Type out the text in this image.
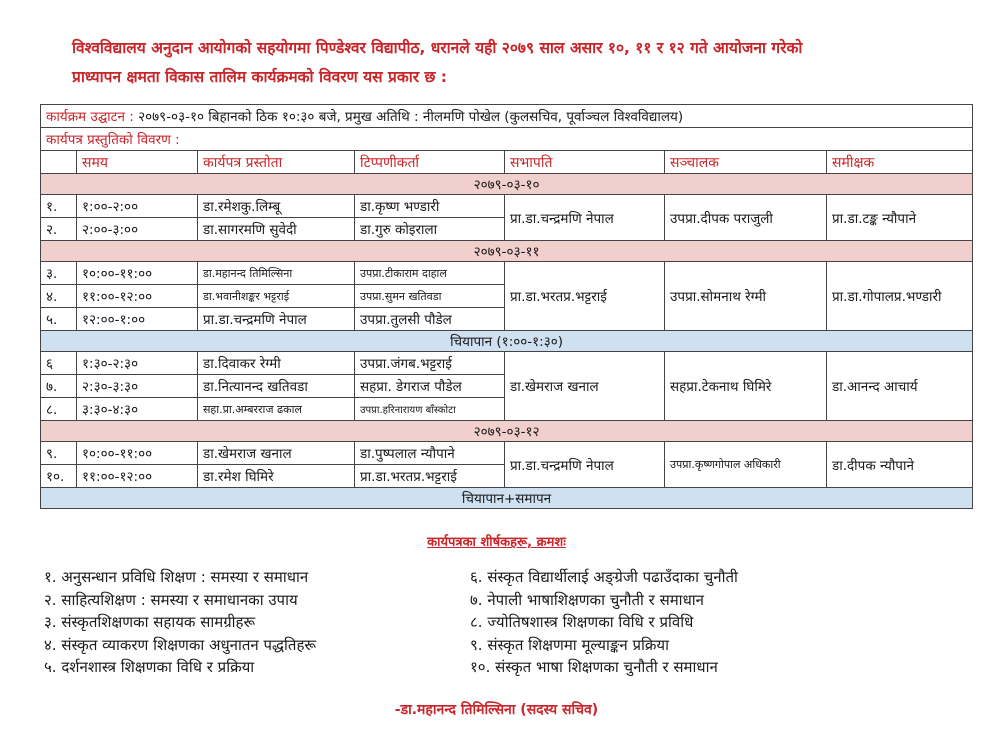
विश्वविद्यालय अनुदान आयोगको सहयोगमा पिण्डेश्वर विद्यापीठ, धरानले यही २०७९ साल असार १०, ११ र १२ गते आयोजना गरेको
प्राध्यापन क्षमता विकास तालिम कार्यक्रमको विवरण यस प्रकार छ :
कार्यक्रम उद्घाटन : २०७९-०३-१० बिहानको ठिक १०:३० बजे, प्रमुख अतिथि : नीलमणि पोखेल (कुलसचिव, पूर्वाञ्चल विश्वविद्यालय)						
कार्यपत्र प्रस्तुतिको विवरण :						
	समय	कार्यपत्र प्रस्तोता	टिप्पणीकर्ता	सभापति	सञ्चालक	समीक्षक
२०७९-०३-१०						
१.	१:००-२:००	डा.रमेशकु.लिम्बू	डा.कृष्ण भण्डारी	प्रा.डा.चन्द्रमणि नेपाल	उपप्रा.दीपक पराजुली	प्रा.डा.टङ्क न्यौपाने
२.	२:००-३:००	डा.सागरमणि सुवेदी	डा.गुरु कोइराला			
२०७९-०३-११						
३.	१०:००-११:००	डा.महानन्द तिमिल्सिना	उपप्रा.टीकाराम दाहाल	प्रा.डा.भरतप्र.भट्टराई	उपप्रा.सोमनाथ रेग्मी	प्रा.डा.गोपालप्र.भण्डारी
४.	११:००-१२:००	डा.भवानीशङ्कर भट्टराई	उपप्रा.सुमन खतिवडा			
५.	१२:००-१:००	प्रा.डा.चन्द्रमणि नेपाल	उपप्रा.तुलसी पौडेल			
चियापान (१:००-१:३०)						
६	१:३०-२:३०	डा.दिवाकर रेग्मी	उपप्रा.जंगब.भट्टराई	डा.खेमराज खनाल	सहप्रा.टेकनाथ घिमिरे	डा.आनन्द आचार्य
७.	२:३०-३:३०	डा.नित्यानन्द खतिवडा	सहप्रा. डेगराज पौडेल			
८.	३:३०-४:३०	सहा.प्रा.अम्बरराज ढकाल	उपप्रा.हरिनारायण बाँस्कोटा			
२०७९-०३-१२						
९.	१०:००-११:००	डा.खेमराज खनाल	डा.पुष्पलाल न्यौपाने	प्रा.डा.चन्द्रमणि नेपाल	उपप्रा.कृष्णगोपाल अधिकारी	डा.दीपक न्यौपाने
१०.	११:००-१२:००	डा.रमेश घिमिरे	प्रा.डा.भरतप्र.भट्टराई			
चियापान+समापन						
कार्यपत्रका शीर्षकहरू, क्रमशः
१. अनुसन्धान प्रविधि शिक्षण : समस्या र समाधान
२. साहित्यशिक्षण : समस्या र समाधानका उपाय
३. संस्कृतशिक्षणका सहायक सामग्रीहरू
४. संस्कृत व्याकरण शिक्षणका अधुनातन पद्धतिहरू
५. दर्शनशास्त्र शिक्षणका विधि र प्रक्रिया
६. संस्कृत विद्यार्थीलाई अङ्ग्रेजी पढाउँदाका चुनौती
७. नेपाली भाषाशिक्षणका चुनौती र समाधान
८. ज्योतिषशास्त्र शिक्षणका विधि र प्रविधि
९. संस्कृत शिक्षणमा मूल्याङ्कन प्रक्रिया
१०. संस्कृत भाषा शिक्षणका चुनौती र समाधान
-डा.महानन्द तिमिल्सिना (सदस्य सचिव)
